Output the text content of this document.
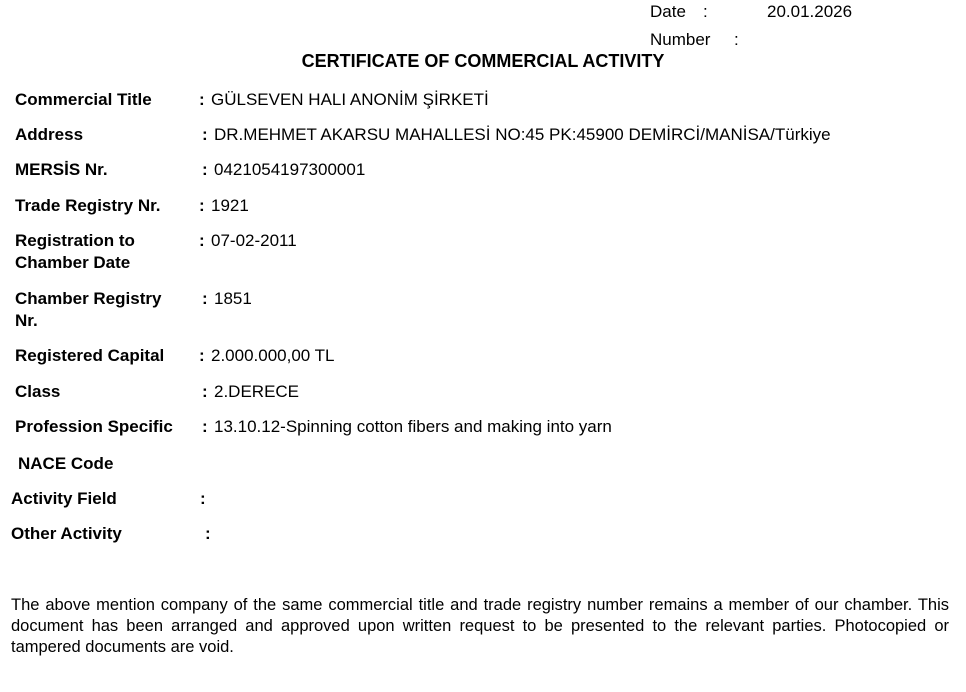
Date :	20.01.2026
Number :
CERTIFICATE OF COMMERCIAL ACTIVITY
Commercial Title	: GÜLSEVEN HALI ANONİM ŞİRKETİ
Address	: DR.MEHMET AKARSU MAHALLESİ NO:45 PK:45900 DEMİRCİ/MANİSA/Türkiye
MERSİS Nr.	: 0421054197300001
Trade Registry Nr. : 1921
Registration to
Chamber Date
: 07-02-2011
Chamber Registry
Nr.
: 1851
Registered Capital : 2.000.000,00 TL
Class	: 2.DERECE
Profession Specific
NACE Code
: 13.10.12-Spinning cotton fibers and making into yarn
Activity Field	:
Other Activity	:
The above mention company of the same commercial title and trade registry number remains a member of our chamber. This document has been arranged and approved upon written request to be presented to the relevant parties. Photocopied or tampered documents are void.
